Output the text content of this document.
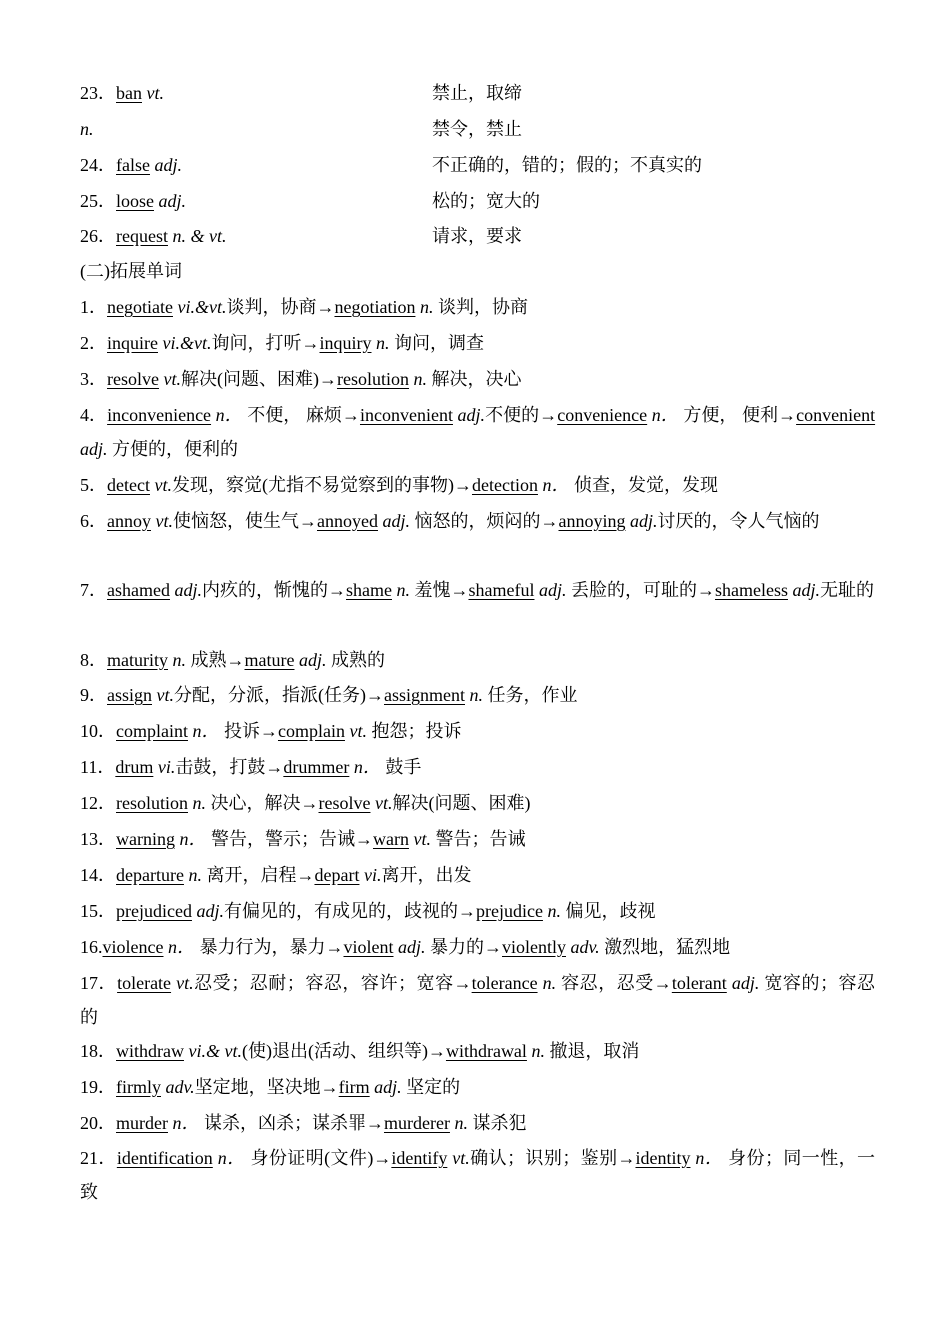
23．ban vt.	禁止，取缔
n.	禁令，禁止
24．false adj.	不正确的，错的；假的；不真实的
25．loose adj.	松的；宽大的
26．request n. & vt.	请求，要求
(二)拓展单词
1．negotiate vi.&vt.谈判，协商→negotiation n. 谈判，协商
2．inquire vi.&vt.询问，打听→inquiry n. 询问，调查
3．resolve vt.解决(问题、困难)→resolution n. 解决，决心
4．inconvenience n． 不便， 麻烦→inconvenient adj.不便的→convenience n． 方便， 便利→convenient adj. 方便的，便利的
5．detect vt.发现，察觉(尤指不易觉察到的事物)→detection n． 侦查，发觉，发现
6．annoy vt.使恼怒，使生气→annoyed adj. 恼怒的，烦闷的→annoying adj.讨厌的，令人气恼的
7．ashamed adj.内疚的，惭愧的→shame n. 羞愧→shameful adj. 丢脸的，可耻的→shameless adj.无耻的
8．maturity n. 成熟→mature adj. 成熟的
9．assign vt.分配，分派，指派(任务)→assignment n. 任务，作业
10．complaint n． 投诉→complain vt. 抱怨；投诉
11．drum vi.击鼓，打鼓→drummer n． 鼓手
12．resolution n. 决心，解决→resolve vt.解决(问题、困难)
13．warning n． 警告，警示；告诫→warn vt. 警告；告诫
14．departure n. 离开，启程→depart vi.离开，出发
15．prejudiced adj.有偏见的，有成见的，歧视的→prejudice n. 偏见，歧视
16.violence n． 暴力行为，暴力→violent adj. 暴力的→violently adv. 激烈地，猛烈地
17．tolerate vt.忍受；忍耐；容忍，容许；宽容→tolerance n. 容忍，忍受→tolerant adj. 宽容的；容忍的
18．withdraw vi.& vt.(使)退出(活动、组织等)→withdrawal n. 撤退，取消
19．firmly adv.坚定地，坚决地→firm adj. 坚定的
20．murder n． 谋杀，凶杀；谋杀罪→murderer n. 谋杀犯
21．identification n． 身份证明(文件)→identify vt.确认；识别；鉴别→identity n． 身份；同一性，一致
